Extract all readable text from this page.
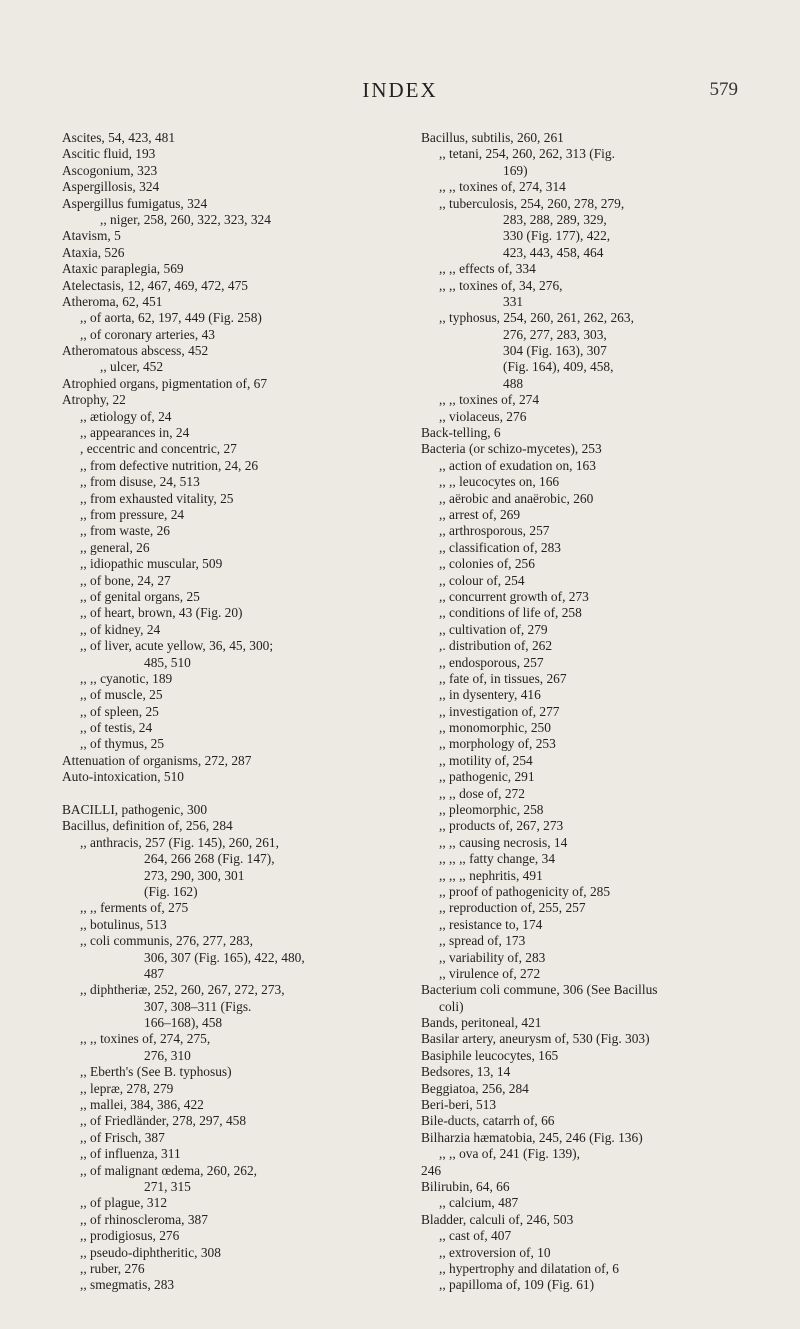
INDEX	579
Ascites, 54, 423, 481
Ascitic fluid, 193
Ascogonium, 323
Aspergillosis, 324
Aspergillus fumigatus, 324
,, niger, 258, 260, 322, 323, 324
Atavism, 5
Ataxia, 526
Ataxic paraplegia, 569
Atelectasis, 12, 467, 469, 472, 475
Atheroma, 62, 451
,, of aorta, 62, 197, 449 (Fig. 258)
,, of coronary arteries, 43
Atheromatous abscess, 452
,, ulcer, 452
Atrophied organs, pigmentation of, 67
Atrophy, 22
,, ætiology of, 24
,, appearances in, 24
, eccentric and concentric, 27
,, from defective nutrition, 24, 26
,, from disuse, 24, 513
,, from exhausted vitality, 25
,, from pressure, 24
,, from waste, 26
,, general, 26
,, idiopathic muscular, 509
,, of bone, 24, 27
,, of genital organs, 25
,, of heart, brown, 43 (Fig. 20)
,, of kidney, 24
,, of liver, acute yellow, 36, 45, 300;
485, 510
,, ,, cyanotic, 189
,, of muscle, 25
,, of spleen, 25
,, of testis, 24
,, of thymus, 25
Attenuation of organisms, 272, 287
Auto-intoxication, 510
BACILLI, pathogenic, 300
Bacillus, definition of, 256, 284
,, anthracis, 257 (Fig. 145), 260, 261,
264, 266 268 (Fig. 147),
273, 290, 300, 301
(Fig. 162)
,, ,, ferments of, 275
,, botulinus, 513
,, coli communis, 276, 277, 283,
306, 307 (Fig. 165), 422, 480,
487
,, diphtheriæ, 252, 260, 267, 272, 273,
307, 308–311 (Figs.
166–168), 458
,, ,, toxines of, 274, 275,
276, 310
,, Eberth's (See B. typhosus)
,, lepræ, 278, 279
,, mallei, 384, 386, 422
,, of Friedländer, 278, 297, 458
,, of Frisch, 387
,, of influenza, 311
,, of malignant œdema, 260, 262,
271, 315
,, of plague, 312
,, of rhinoscleroma, 387
,, prodigiosus, 276
,, pseudo-diphtheritic, 308
,, ruber, 276
,, smegmatis, 283
Bacillus, subtilis, 260, 261
,, tetani, 254, 260, 262, 313 (Fig.
169)
,, ,, toxines of, 274, 314
,, tuberculosis, 254, 260, 278, 279,
283, 288, 289, 329,
330 (Fig. 177), 422,
423, 443, 458, 464
,, ,, effects of, 334
,, ,, toxines of, 34, 276,
331
,, typhosus, 254, 260, 261, 262, 263,
276, 277, 283, 303,
304 (Fig. 163), 307
(Fig. 164), 409, 458,
488
,, ,, toxines of, 274
,, violaceus, 276
Back-telling, 6
Bacteria (or schizo-mycetes), 253
,, action of exudation on, 163
,, ,, leucocytes on, 166
,, aërobic and anaërobic, 260
,, arrest of, 269
,, arthrosporous, 257
,, classification of, 283
,, colonies of, 256
,, colour of, 254
,, concurrent growth of, 273
,, conditions of life of, 258
,, cultivation of, 279
,. distribution of, 262
,, endosporous, 257
,, fate of, in tissues, 267
,, in dysentery, 416
,, investigation of, 277
,, monomorphic, 250
,, morphology of, 253
,, motility of, 254
,, pathogenic, 291
,, ,, dose of, 272
,, pleomorphic, 258
,, products of, 267, 273
,, ,, causing necrosis, 14
,, ,, ,, fatty change, 34
,, ,, ,, nephritis, 491
,, proof of pathogenicity of, 285
,, reproduction of, 255, 257
,, resistance to, 174
,, spread of, 173
,, variability of, 283
,, virulence of, 272
Bacterium coli commune, 306 (See Bacillus
coli)
Bands, peritoneal, 421
Basilar artery, aneurysm of, 530 (Fig. 303)
Basiphile leucocytes, 165
Bedsores, 13, 14
Beggiatoa, 256, 284
Beri-beri, 513
Bile-ducts, catarrh of, 66
Bilharzia hæmatobia, 245, 246 (Fig. 136)
,, ,, ova of, 241 (Fig. 139),
246
Bilirubin, 64, 66
,, calcium, 487
Bladder, calculi of, 246, 503
,, cast of, 407
,, extroversion of, 10
,, hypertrophy and dilatation of, 6
,, papilloma of, 109 (Fig. 61)
